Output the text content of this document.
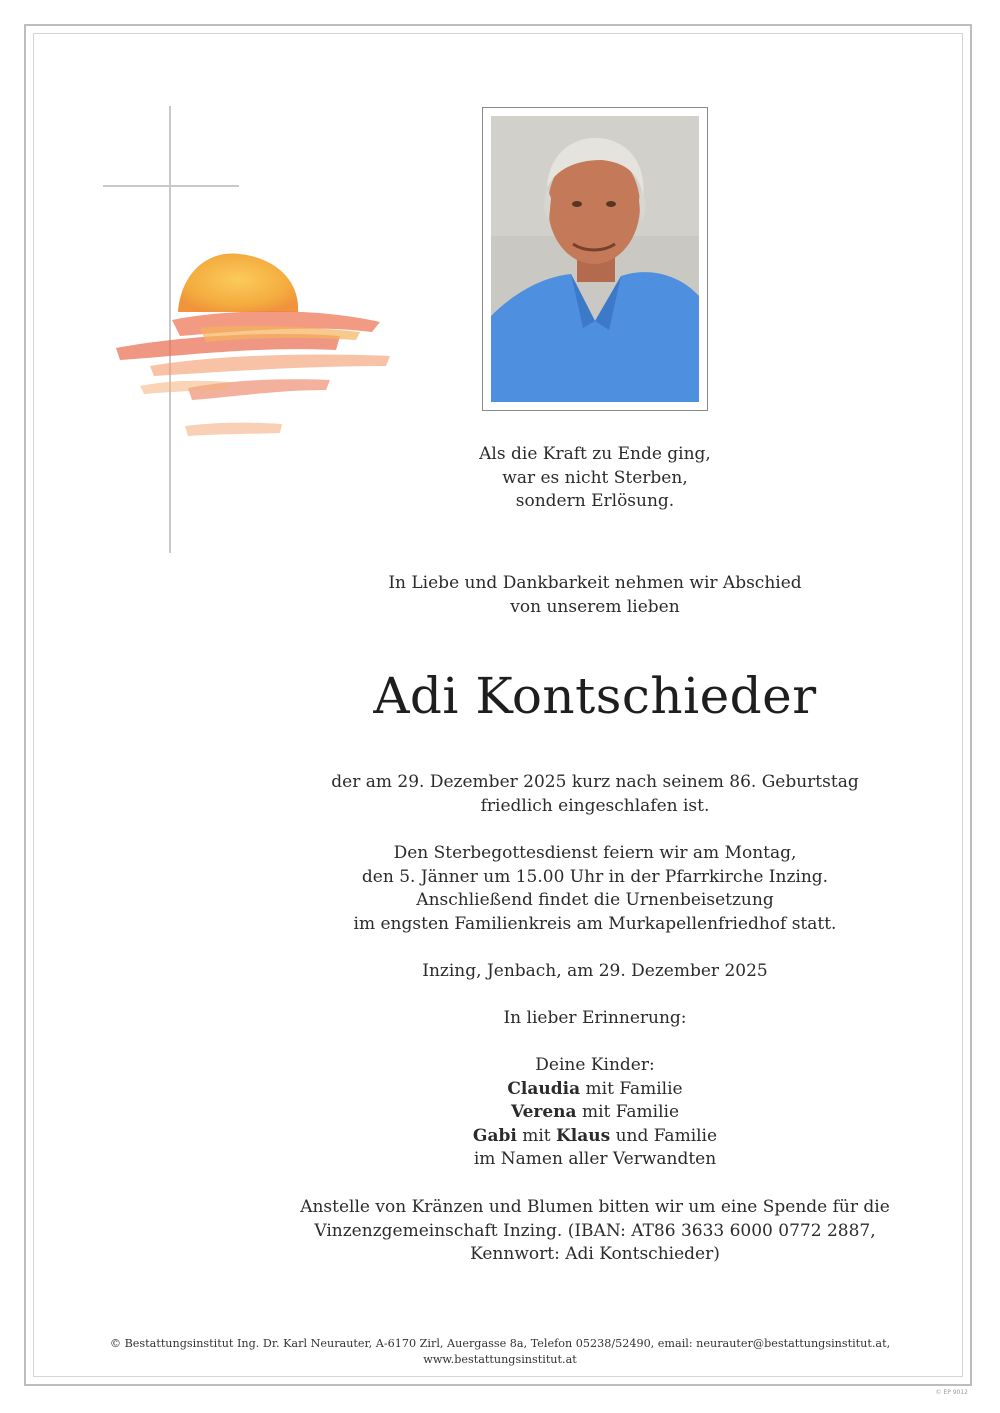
Als die Kraft zu Ende ging,
war es nicht Sterben,
sondern Erlösung.
In Liebe und Dankbarkeit nehmen wir Abschied
von unserem lieben
Adi Kontschieder
der am 29. Dezember 2025 kurz nach seinem 86. Geburtstag
friedlich eingeschlafen ist.
Den Sterbegottesdienst feiern wir am Montag,
den 5. Jänner um 15.00 Uhr in der Pfarrkirche Inzing.
Anschließend findet die Urnenbeisetzung
im engsten Familienkreis am Murkapellenfriedhof statt.
Inzing, Jenbach, am 29. Dezember 2025
In lieber Erinnerung:
Deine Kinder:
Claudia mit Familie
Verena mit Familie
Gabi mit Klaus und Familie
im Namen aller Verwandten
Anstelle von Kränzen und Blumen bitten wir um eine Spende für die
Vinzenzgemeinschaft Inzing. (IBAN: AT86 3633 6000 0772 2887,
Kennwort: Adi Kontschieder)
© Bestattungsinstitut Ing. Dr. Karl Neurauter, A-6170 Zirl, Auergasse 8a, Telefon 05238/52490, email: neurauter@bestattungsinstitut.at, www.bestattungsinstitut.at
© EP 9012
